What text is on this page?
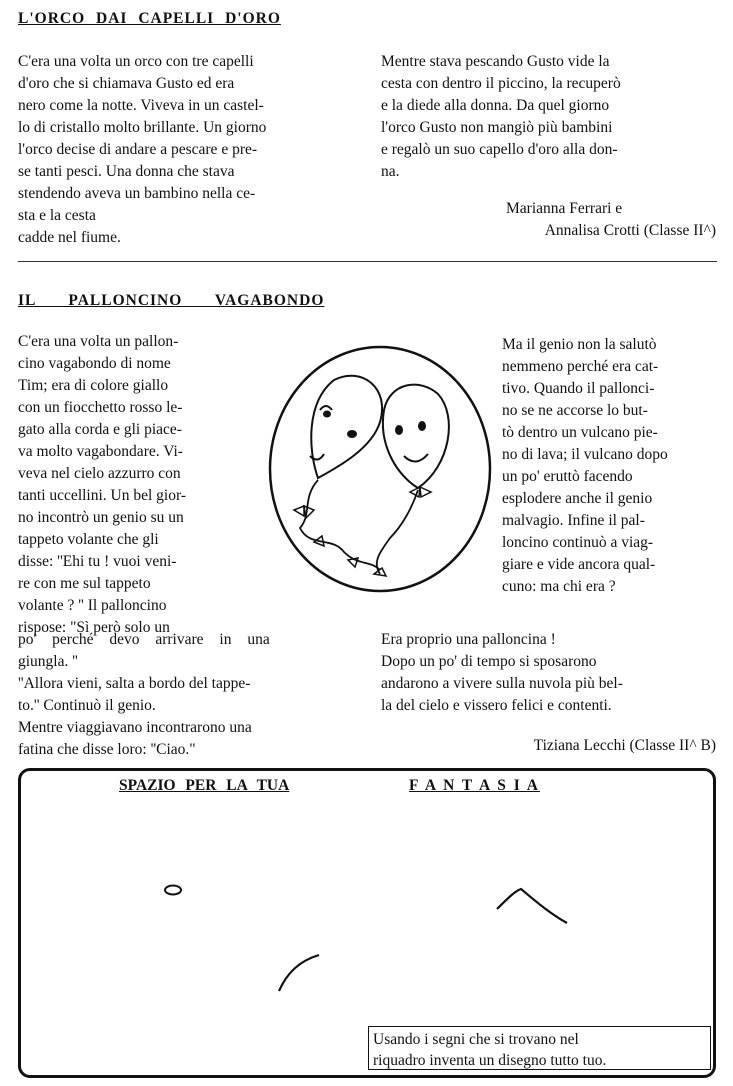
L'ORCO DAI CAPELLI D'ORO

C'era una volta un orco con tre capelli

d'oro che si chiamava Gusto ed era

nero come la notte. Viveva in un castel-

lo di cristallo molto brillante. Un giorno

l'orco decise di andare a pescare e pre-

se tanti pesci. Una donna che stava

stendendo aveva un bambino nella ce-

sta e la cesta

cadde nel fiume.

Mentre stava pescando Gusto vide la

cesta con dentro il piccino, la recuperò

e la diede alla donna. Da quel giorno

l'orco Gusto non mangiò più bambini

e regalò un suo capello d'oro alla don-

na.

Marianna Ferrari e
Annalisa Crotti (Classe II^)
IL PALLONCINO VAGABONDO

C'era una volta un pallon-

cino vagabondo di nome

Tim; era di colore giallo

con un fiocchetto rosso le-

gato alla corda e gli piace-

va molto vagabondare. Vi-

veva nel cielo azzurro con

tanti uccellini. Un bel gior-

no incontrò un genio su un

tappeto volante che gli

disse: ''Ehi tu ! vuoi veni-

re con me sul tappeto

volante ? '' Il palloncino

rispose: "Sì però solo un

po' perché devo arrivare in una

giungla. ''

''Allora vieni, salta a bordo del tappe-

to.'' Continuò il genio.

Mentre viaggiavano incontrarono una

fatina che disse loro: ''Ciao."

Ma il genio non la salutò

nemmeno perché era cat-

tivo. Quando il pallonci-

no se ne accorse lo but-

tò dentro un vulcano pie-

no di lava; il vulcano dopo

un po' eruttò facendo

esplodere anche il genio

malvagio. Infine il pal-

loncino continuò a viag-

giare e vide ancora qual-

cuno: ma chi era ?

Era proprio una palloncina !

Dopo un po' di tempo si sposarono

andarono a vivere sulla nuvola più bel-

la del cielo e vissero felici e contenti.

Tiziana Lecchi (Classe II^ B)
SPAZIO PER LA TUA	F A N T A S I A
Usando i segni che si trovano nel
riquadro inventa un disegno tutto tuo.
